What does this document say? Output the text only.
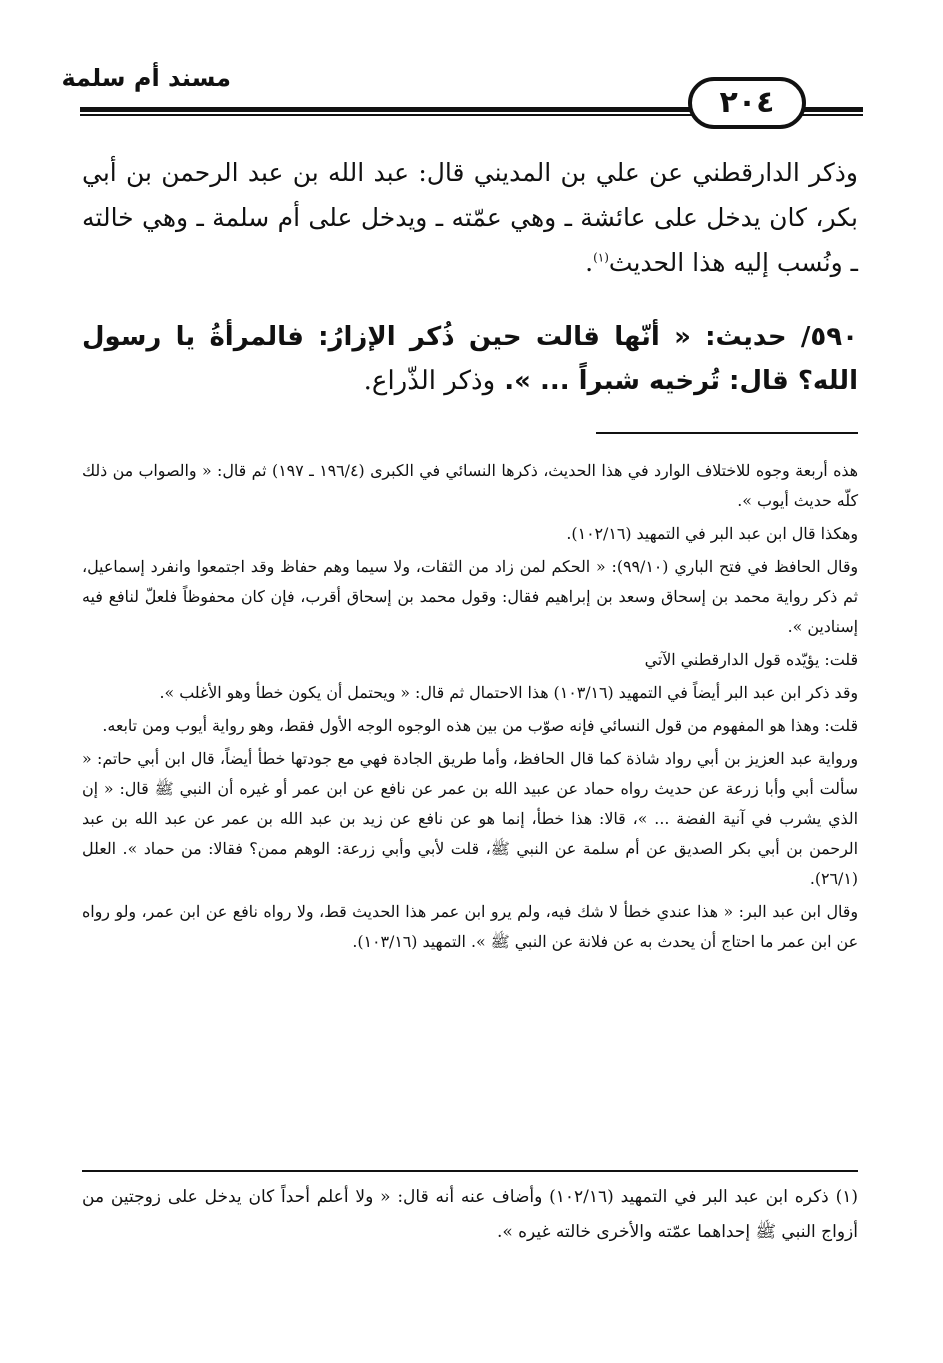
مسند أم سلمة
٢٠٤
وذكر الدارقطني عن علي بن المديني قال: عبد الله بن عبد الرحمن بن أبي بكر، كان يدخل على عائشة ـ وهي عمّته ـ ويدخل على أم سلمة ـ وهي خالته ـ ونُسب إليه هذا الحديث$^{(١)}$.
٥٩٠/ حديث: « أنّها قالت حين ذُكر الإزارُ: فالمرأةُ يا رسول الله؟ قال: تُرخيه شبراً ... ». وذكر الذّراع.

هذه أربعة وجوه للاختلاف الوارد في هذا الحديث، ذكرها النسائي في الكبرى (١٩٦/٤ ـ ١٩٧) ثم قال: « والصواب من ذلك كلّه حديث أيوب ».

وهكذا قال ابن عبد البر في التمهيد (١٠٢/١٦).

وقال الحافظ في فتح الباري (٩٩/١٠): « الحكم لمن زاد من الثقات، ولا سيما وهم حفاظ وقد اجتمعوا وانفرد إسماعيل، ثم ذكر رواية محمد بن إسحاق وسعد بن إبراهيم فقال: وقول محمد بن إسحاق أقرب، فإن كان محفوظاً فلعلّ لنافع فيه إسنادين ».

قلت: يؤيّده قول الدارقطني الآتي

وقد ذكر ابن عبد البر أيضاً في التمهيد (١٠٣/١٦) هذا الاحتمال ثم قال: « ويحتمل أن يكون خطأ وهو الأغلب ».

قلت: وهذا هو المفهوم من قول النسائي فإنه صوّب من بين هذه الوجوه الوجه الأول فقط، وهو رواية أيوب ومن تابعه.

ورواية عبد العزيز بن أبي رواد شاذة كما قال الحافظ، وأما طريق الجادة فهي مع جودتها خطأ أيضاً، قال ابن أبي حاتم: « سألت أبي وأبا زرعة عن حديث رواه حماد عن عبيد الله بن عمر عن نافع عن ابن عمر أو غيره أن النبي ﷺ قال: « إن الذي يشرب في آنية الفضة ... »، قالا: هذا خطأ، إنما هو عن نافع عن زيد بن عبد الله بن عمر عن عبد الله بن عبد الرحمن بن أبي بكر الصديق عن أم سلمة عن النبي ﷺ، قلت لأبي وأبي زرعة: الوهم ممن؟ فقالا: من حماد ». العلل (٢٦/١).

وقال ابن عبد البر: « هذا عندي خطأ لا شك فيه، ولم يرو ابن عمر هذا الحديث قط، ولا رواه نافع عن ابن عمر، ولو رواه عن ابن عمر ما احتاج أن يحدث به عن فلانة عن النبي ﷺ ». التمهيد (١٠٣/١٦).

(١) ذكره ابن عبد البر في التمهيد (١٠٢/١٦) وأضاف عنه أنه قال: « ولا أعلم أحداً كان يدخل على زوجتين من أزواج النبي ﷺ إحداهما عمّته والأخرى خالته غيره ».
